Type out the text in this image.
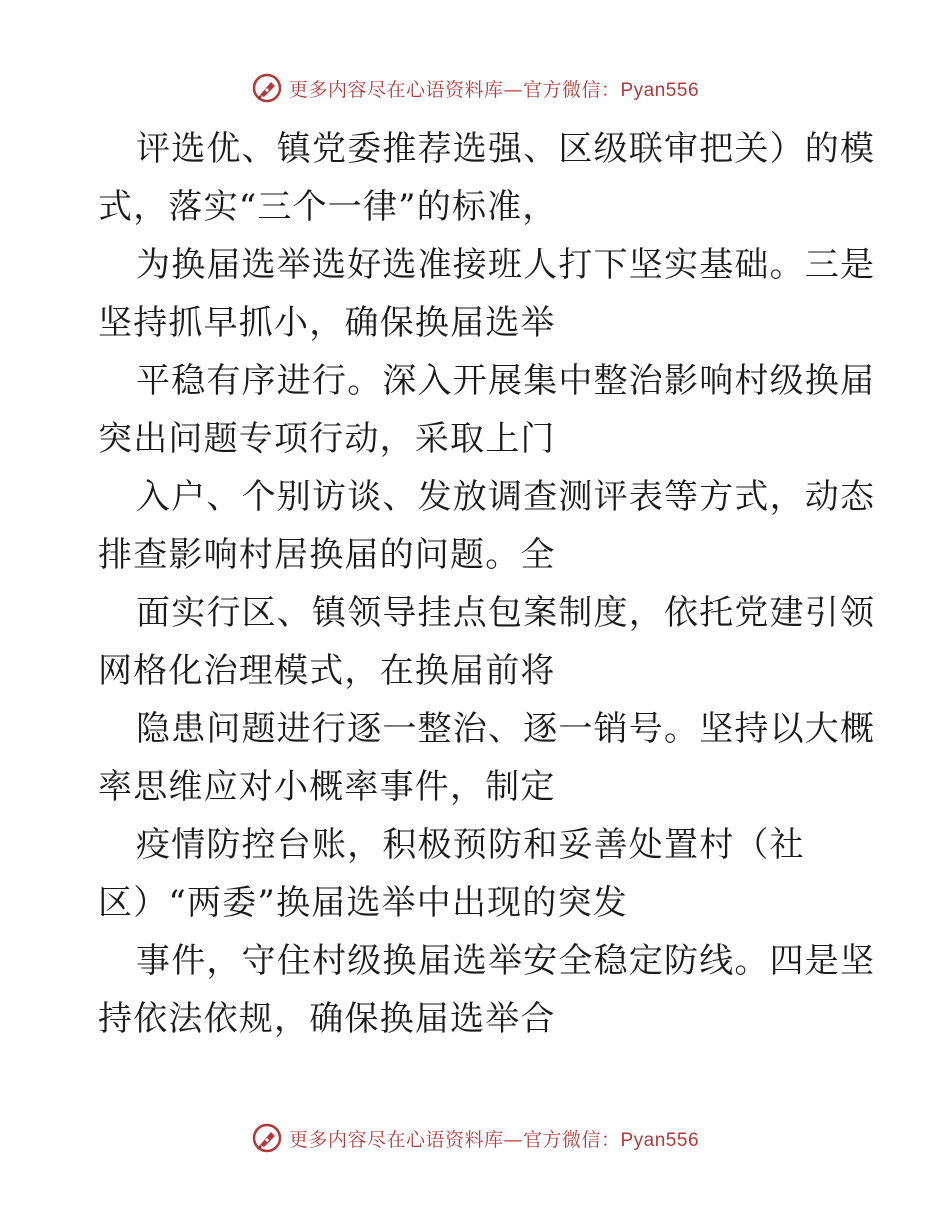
更多内容尽在心语资料库—官方微信：Pyan556

评选优、镇党委推荐选强、区级联审把关）的模
式，落实“三个一律”的标准，

为换届选举选好选准接班人打下坚实基础。三是
坚持抓早抓小，确保换届选举

平稳有序进行。深入开展集中整治影响村级换届
突出问题专项行动，采取上门

入户、个别访谈、发放调查测评表等方式，动态
排查影响村居换届的问题。全

面实行区、镇领导挂点包案制度，依托党建引领
网格化治理模式，在换届前将

隐患问题进行逐一整治、逐一销号。坚持以大概
率思维应对小概率事件，制定

疫情防控台账，积极预防和妥善处置村（社
区）“两委”换届选举中出现的突发

事件，守住村级换届选举安全稳定防线。四是坚
持依法依规，确保换届选举合

更多内容尽在心语资料库—官方微信：Pyan556
